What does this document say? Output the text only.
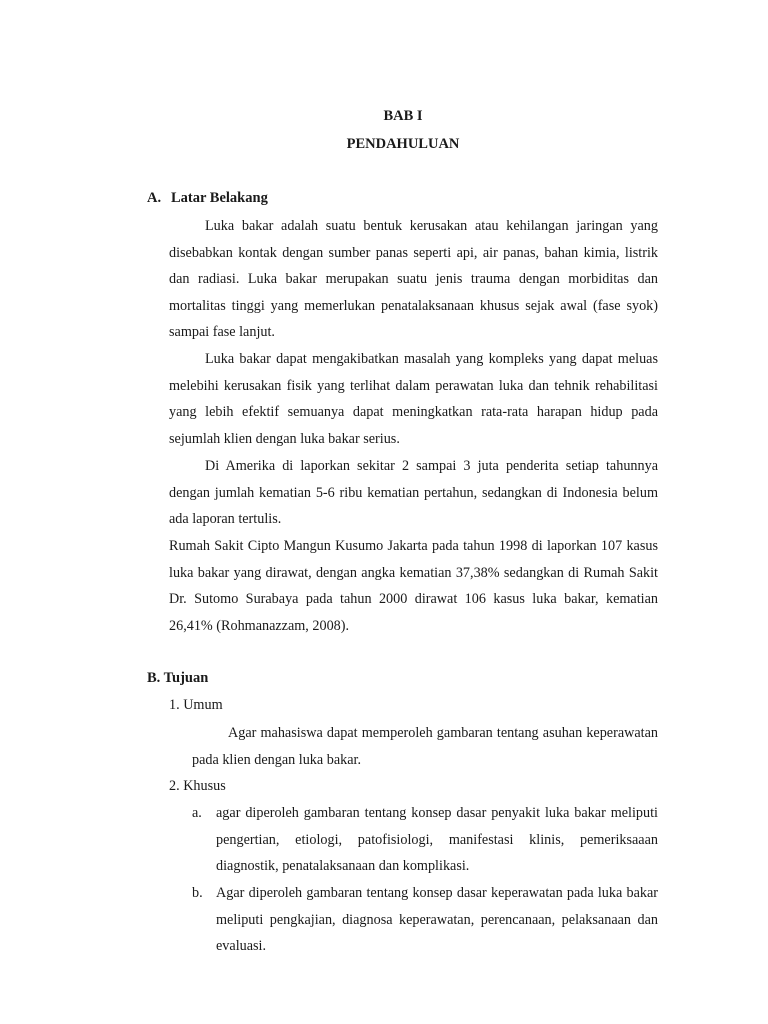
BAB I
PENDAHULUAN
A. Latar Belakang
Luka bakar adalah suatu bentuk kerusakan atau kehilangan jaringan yang disebabkan kontak dengan sumber panas seperti api, air panas, bahan kimia, listrik dan radiasi. Luka bakar merupakan suatu jenis trauma dengan morbiditas dan mortalitas tinggi yang memerlukan penatalaksanaan khusus sejak awal (fase syok) sampai fase lanjut.
Luka bakar dapat mengakibatkan masalah yang kompleks yang dapat meluas melebihi kerusakan fisik yang terlihat dalam perawatan luka dan tehnik rehabilitasi yang lebih efektif semuanya dapat meningkatkan rata-rata harapan hidup pada sejumlah klien dengan luka bakar serius.
Di Amerika di laporkan sekitar 2 sampai 3 juta penderita setiap tahunnya dengan jumlah kematian 5-6 ribu kematian pertahun, sedangkan di Indonesia belum ada laporan tertulis.
Rumah Sakit Cipto Mangun Kusumo Jakarta pada tahun 1998 di laporkan 107 kasus luka bakar yang dirawat, dengan angka kematian 37,38% sedangkan di Rumah Sakit Dr. Sutomo Surabaya pada tahun 2000 dirawat 106 kasus luka bakar, kematian 26,41% (Rohmanazzam, 2008).
B. Tujuan
1. Umum
Agar mahasiswa dapat memperoleh gambaran tentang asuhan keperawatan pada klien dengan luka bakar.
2. Khusus
a. agar diperoleh gambaran tentang konsep dasar penyakit luka bakar meliputi pengertian, etiologi, patofisiologi, manifestasi klinis, pemeriksaaan diagnostik, penatalaksanaan dan komplikasi.
b. Agar diperoleh gambaran tentang konsep dasar keperawatan pada luka bakar meliputi pengkajian, diagnosa keperawatan, perencanaan, pelaksanaan dan evaluasi.
